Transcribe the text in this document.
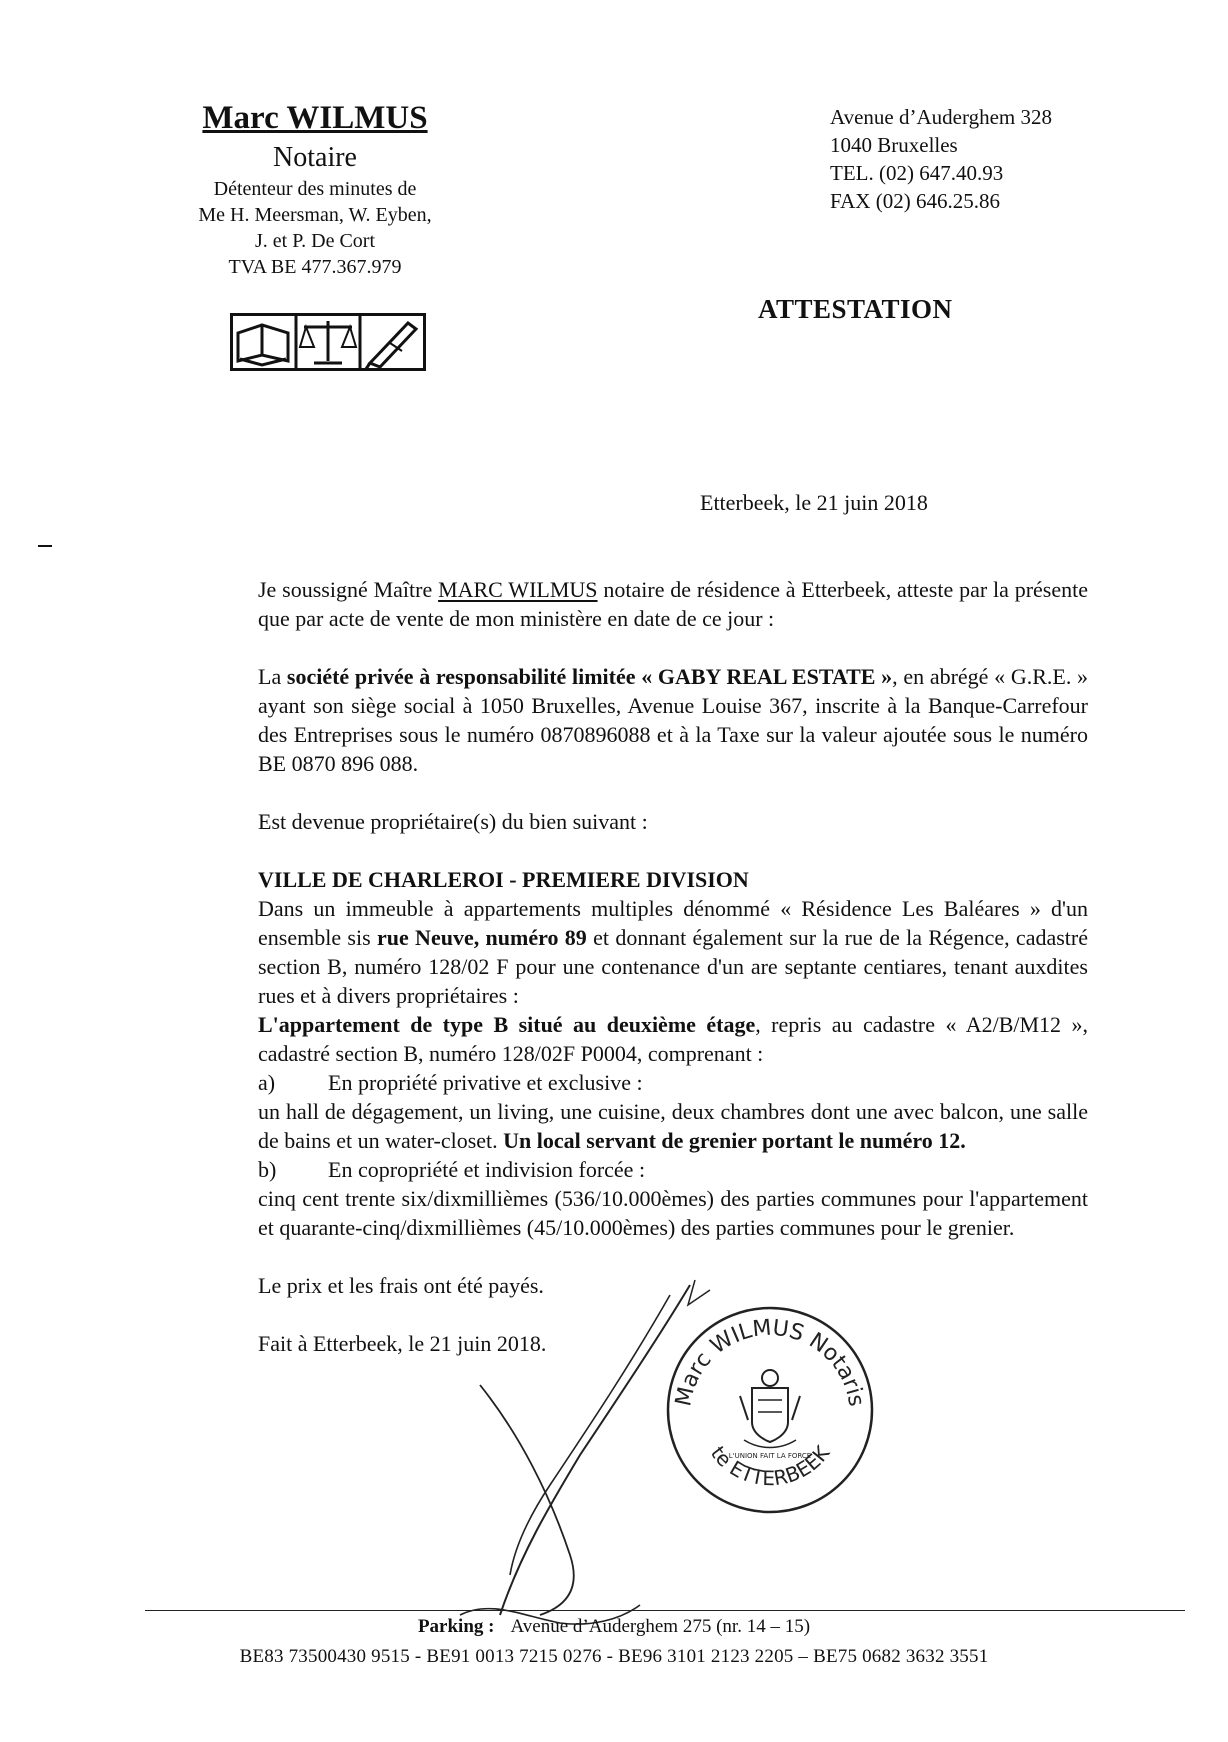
Marc WILMUS
Notaire
Détenteur des minutes de
Me H. Meersman, W. Eyben,
J. et P. De Cort
TVA BE 477.367.979
Avenue d’Auderghem 328
1040 Bruxelles
TEL. (02) 647.40.93
FAX (02) 646.25.86
ATTESTATION
Etterbeek, le 21 juin 2018

Je soussigné Maître MARC WILMUS notaire de résidence à Etterbeek, atteste par la présente que par acte de vente de mon ministère en date de ce jour :

La société privée à responsabilité limitée « GABY REAL ESTATE », en abrégé « G.R.E. » ayant son siège social à 1050 Bruxelles, Avenue Louise 367, inscrite à la Banque-Carrefour des Entreprises sous le numéro 0870896088 et à la Taxe sur la valeur ajoutée sous le numéro BE 0870 896 088.

Est devenue propriétaire(s) du bien suivant :

VILLE DE CHARLEROI - PREMIERE DIVISION

Dans un immeuble à appartements multiples dénommé « Résidence Les Baléares » d'un ensemble sis rue Neuve, numéro 89 et donnant également sur la rue de la Régence, cadastré section B, numéro 128/02 F pour une contenance d'un are septante centiares, tenant auxdites rues et à divers propriétaires :

L'appartement de type B situé au deuxième étage, repris au cadastre « A2/B/M12 », cadastré section B, numéro 128/02F P0004, comprenant :

a)	En propriété privative et exclusive :

un hall de dégagement, un living, une cuisine, deux chambres dont une avec balcon, une salle de bains et un water-closet. Un local servant de grenier portant le numéro 12.

b)	En copropriété et indivision forcée :

cinq cent trente six/dixmillièmes (536/10.000èmes) des parties communes pour l'appartement et quarante-cinq/dixmillièmes (45/10.000èmes) des parties communes pour le grenier.

Le prix et les frais ont été payés.

Fait à Etterbeek, le 21 juin 2018.

Marc WILMUS Notaris
te ETTERBEEK
L'UNION FAIT LA FORCE
Parking : Avenue d’Auderghem 275 (nr. 14 – 15)
BE83 73500430 9515 - BE91 0013 7215 0276 - BE96 3101 2123 2205 – BE75 0682 3632 3551
